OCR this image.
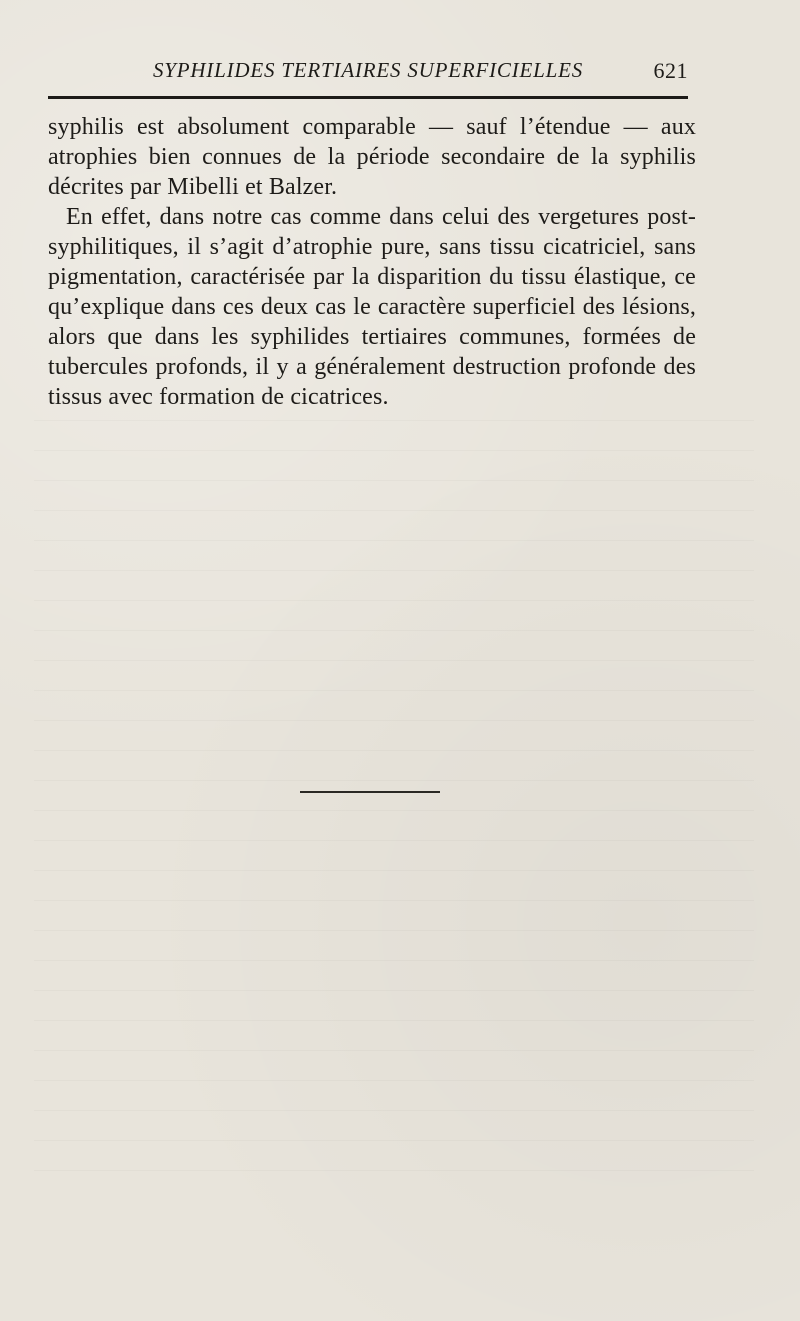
SYPHILIDES TERTIAIRES SUPERFICIELLES	621

syphilis est absolument comparable — sauf l’étendue — aux atrophies bien connues de la période secondaire de la syphilis décrites par Mibelli et Balzer.

En effet, dans notre cas comme dans celui des vergetures post-syphilitiques, il s’agit d’atrophie pure, sans tissu cicatriciel, sans pigmentation, caractérisée par la disparition du tissu élastique, ce qu’explique dans ces deux cas le caractère superficiel des lésions, alors que dans les syphilides tertiaires communes, formées de tubercules profonds, il y a généralement destruction profonde des tissus avec formation de cicatrices.
